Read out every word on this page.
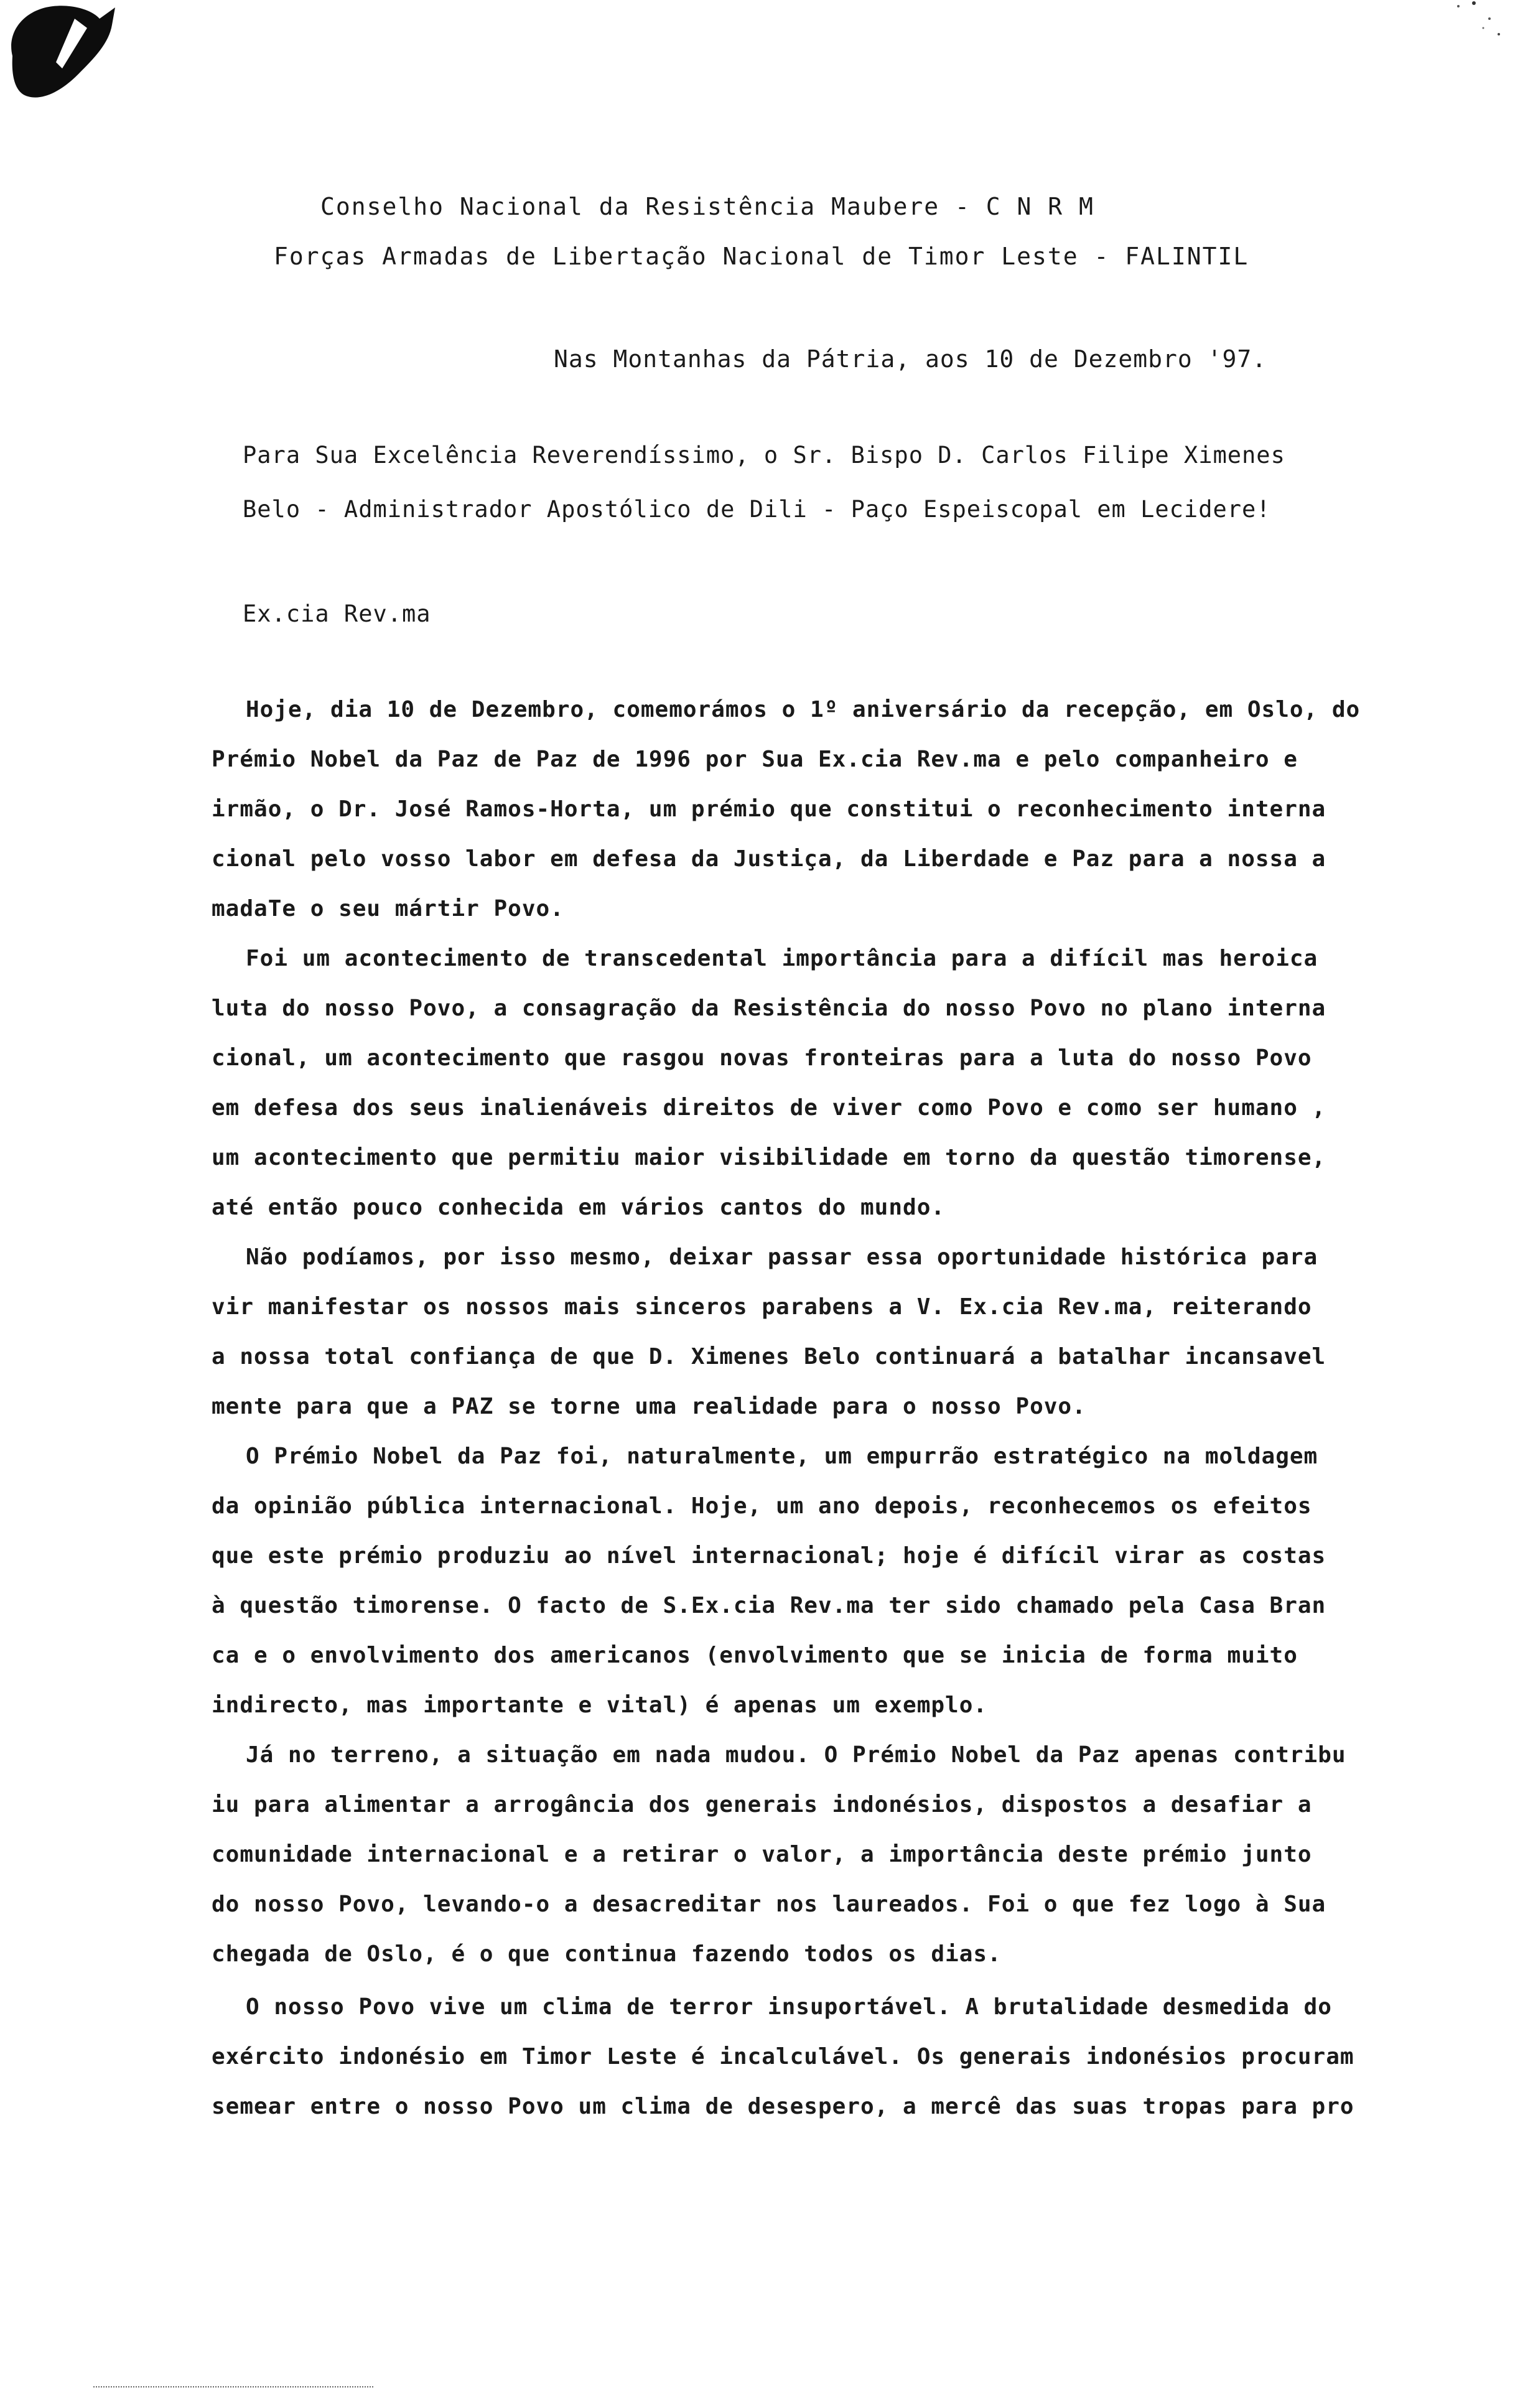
Conselho Nacional da Resistência Maubere - C N R M
Forças Armadas de Libertação Nacional de Timor Leste - FALINTIL
Nas Montanhas da Pátria, aos 10 de Dezembro '97.
Para Sua Excelência Reverendíssimo, o Sr. Bispo D. Carlos Filipe Ximenes
Belo - Administrador Apostólico de Dili - Paço Espeiscopal em Lecidere!
Ex.cia Rev.ma
Hoje, dia 10 de Dezembro, comemorámos o 1º aniversário da recepção, em Oslo, do
Prémio Nobel da Paz de Paz de 1996 por Sua Ex.cia Rev.ma e pelo companheiro e
irmão, o Dr. José Ramos-Horta, um prémio que constitui o reconhecimento interna
cional pelo vosso labor em defesa da Justiça, da Liberdade e Paz para a nossa a
madaTe o seu mártir Povo.
Foi um acontecimento de transcedental importância para a difícil mas heroica
luta do nosso Povo, a consagração da Resistência do nosso Povo no plano interna
cional, um acontecimento que rasgou novas fronteiras para a luta do nosso Povo
em defesa dos seus inalienáveis direitos de viver como Povo e como ser humano ,
um acontecimento que permitiu maior visibilidade em torno da questão timorense,
até então pouco conhecida em vários cantos do mundo.
Não podíamos, por isso mesmo, deixar passar essa oportunidade histórica para
vir manifestar os nossos mais sinceros parabens a V. Ex.cia Rev.ma, reiterando
a nossa total confiança de que D. Ximenes Belo continuará a batalhar incansavel
mente para que a PAZ se torne uma realidade para o nosso Povo.
O Prémio Nobel da Paz foi, naturalmente, um empurrão estratégico na moldagem
da opinião pública internacional. Hoje, um ano depois, reconhecemos os efeitos
que este prémio produziu ao nível internacional; hoje é difícil virar as costas
à questão timorense. O facto de S.Ex.cia Rev.ma ter sido chamado pela Casa Bran
ca e o envolvimento dos americanos (envolvimento que se inicia de forma muito
indirecto, mas importante e vital) é apenas um exemplo.
Já no terreno, a situação em nada mudou. O Prémio Nobel da Paz apenas contribu
iu para alimentar a arrogância dos generais indonésios, dispostos a desafiar a
comunidade internacional e a retirar o valor, a importância deste prémio junto
do nosso Povo, levando-o a desacreditar nos laureados. Foi o que fez logo à Sua
chegada de Oslo, é o que continua fazendo todos os dias.
O nosso Povo vive um clima de terror insuportável. A brutalidade desmedida do
exército indonésio em Timor Leste é incalculável. Os generais indonésios procuram
semear entre o nosso Povo um clima de desespero, a mercê das suas tropas para pro
